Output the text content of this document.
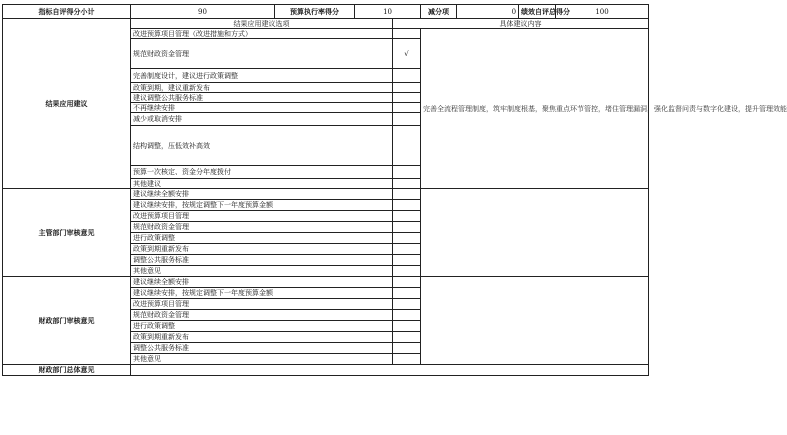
指标自评得分小计	90	预算执行率得分	10		减分项	0	绩效自评总得分	100
结果应用建议	结果应用建议选项			具体建议内容				
	改进预算项目管理（改进措施和方式）				完善全流程管理制度，筑牢制度根基，聚焦重点环节管控，堵住管理漏洞，强化监督问责与数字化建设，提升管理效能			
	规范财政资金管理			√				
	完善制度设计，建议进行政策调整							
	政策到期，建议重新发布							
	建议调整公共服务标准							
	不再继续安排							
	减少或取消安排							
	结构调整，压低效补高效							
	预算一次核定、资金分年度拨付							
	其他建议							
主管部门审核意见	建议继续全额安排							
	建议继续安排，按规定调整下一年度预算金额							
	改进预算项目管理							
	规范财政资金管理							
	进行政策调整							
	政策到期重新发布							
	调整公共服务标准							
	其他意见							
财政部门审核意见	建议继续全额安排							
	建议继续安排，按规定调整下一年度预算金额							
	改进预算项目管理							
	规范财政资金管理							
	进行政策调整							
	政策到期重新发布							
	调整公共服务标准							
	其他意见							
财政部门总体意见								
